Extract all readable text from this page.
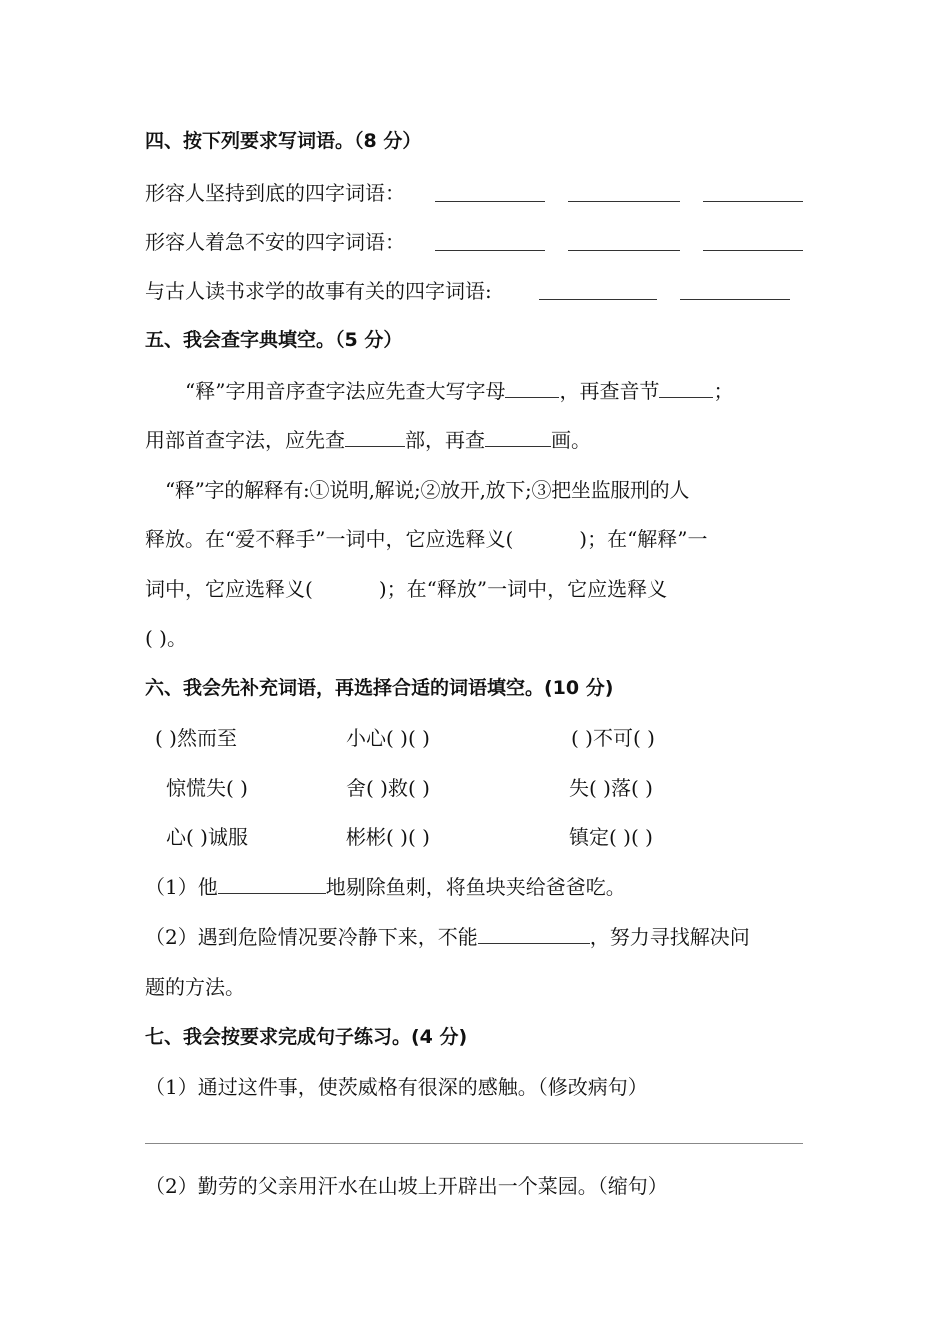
四、按下列要求写词语。（8 分）
形容人坚持到底的四字词语：
形容人着急不安的四字词语：
与古人读书求学的故事有关的四字词语:
五、我会查字典填空。（5 分）
“释”字用音序查字法应先查大写字母	，再查音节	；
用部首查字法，应先查	部，再查	画。
“释”字的解释有:①说明,解说;②放开,放下;③把坐监服刑的人
释放。在“爱不释手”一词中，它应选释义(	)；在“解释”一
词中，它应选释义(	)；在“释放”一词中，它应选释义
( )。
六、我会先补充词语，再选择合适的词语填空。(10 分)
( )然而至	小心( )( )	( )不可( )
惊慌失( )	舍( )救( )	失( )落( )
心( )诚服	彬彬( )( )	镇定( )( )
（1）他	地剔除鱼刺，将鱼块夹给爸爸吃。
（2）遇到危险情况要冷静下来，不能	，努力寻找解决问
题的方法。
七、我会按要求完成句子练习。(4 分)
（1）通过这件事，使茨威格有很深的感触。（修改病句）
（2）勤劳的父亲用汗水在山坡上开辟出一个菜园。（缩句）
